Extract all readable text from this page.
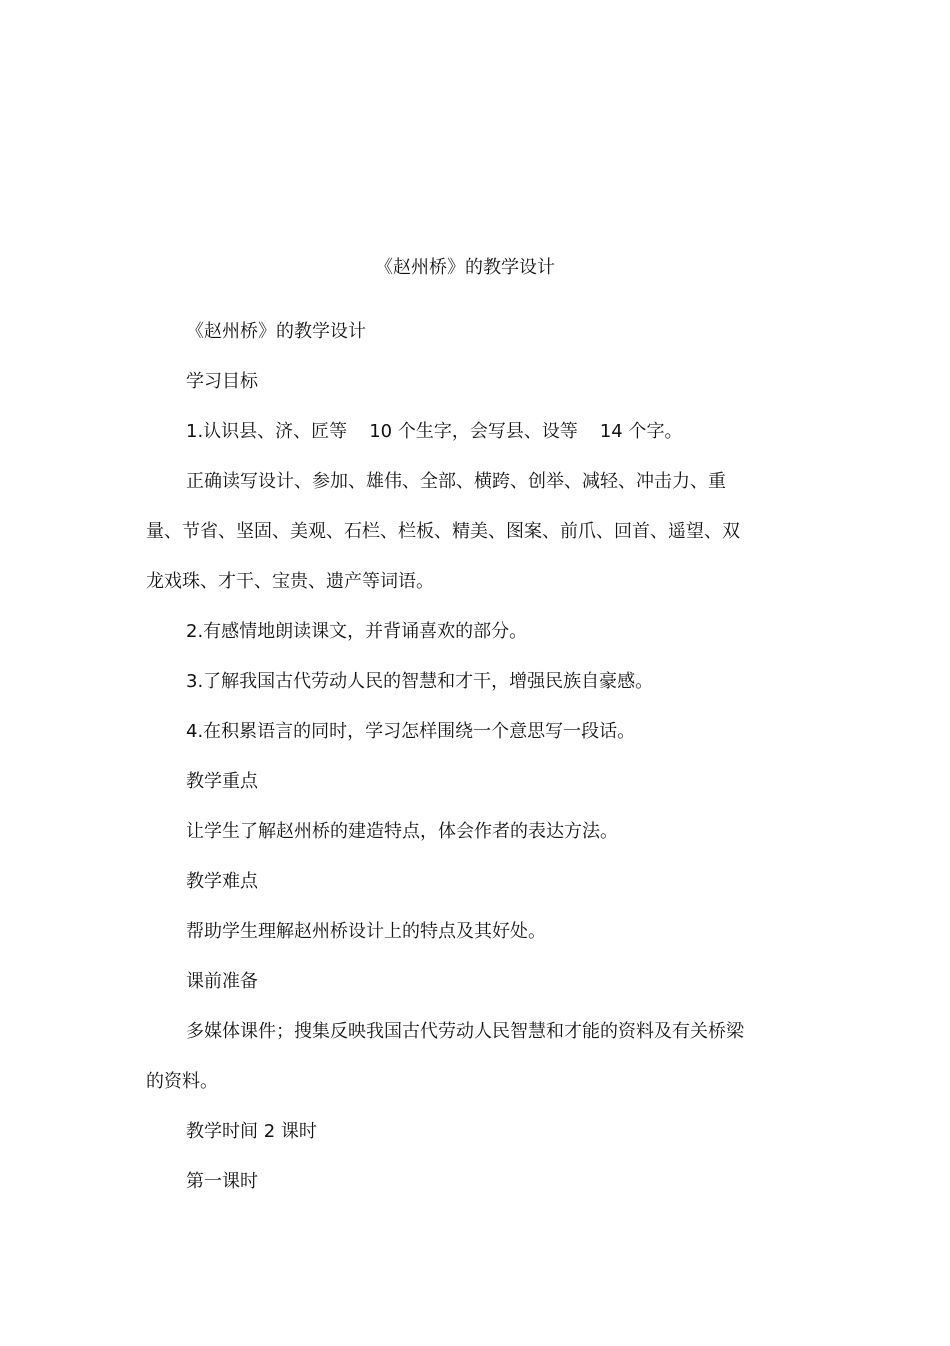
《赵州桥》的教学设计
《赵州桥》的教学设计
学习目标
1.认识县、济、匠等 10 个生字，会写县、设等 14 个字。
正确读写设计、参加、雄伟、全部、横跨、创举、减轻、冲击力、重量、节省、坚固、美观、石栏、栏板、精美、图案、前爪、回首、遥望、双龙戏珠、才干、宝贵、遗产等词语。
2.有感情地朗读课文，并背诵喜欢的部分。
3.了解我国古代劳动人民的智慧和才干，增强民族自豪感。
4.在积累语言的同时，学习怎样围绕一个意思写一段话。
教学重点
让学生了解赵州桥的建造特点，体会作者的表达方法。
教学难点
帮助学生理解赵州桥设计上的特点及其好处。
课前准备
多媒体课件；搜集反映我国古代劳动人民智慧和才能的资料及有关桥梁的资料。
教学时间 2 课时
第一课时
